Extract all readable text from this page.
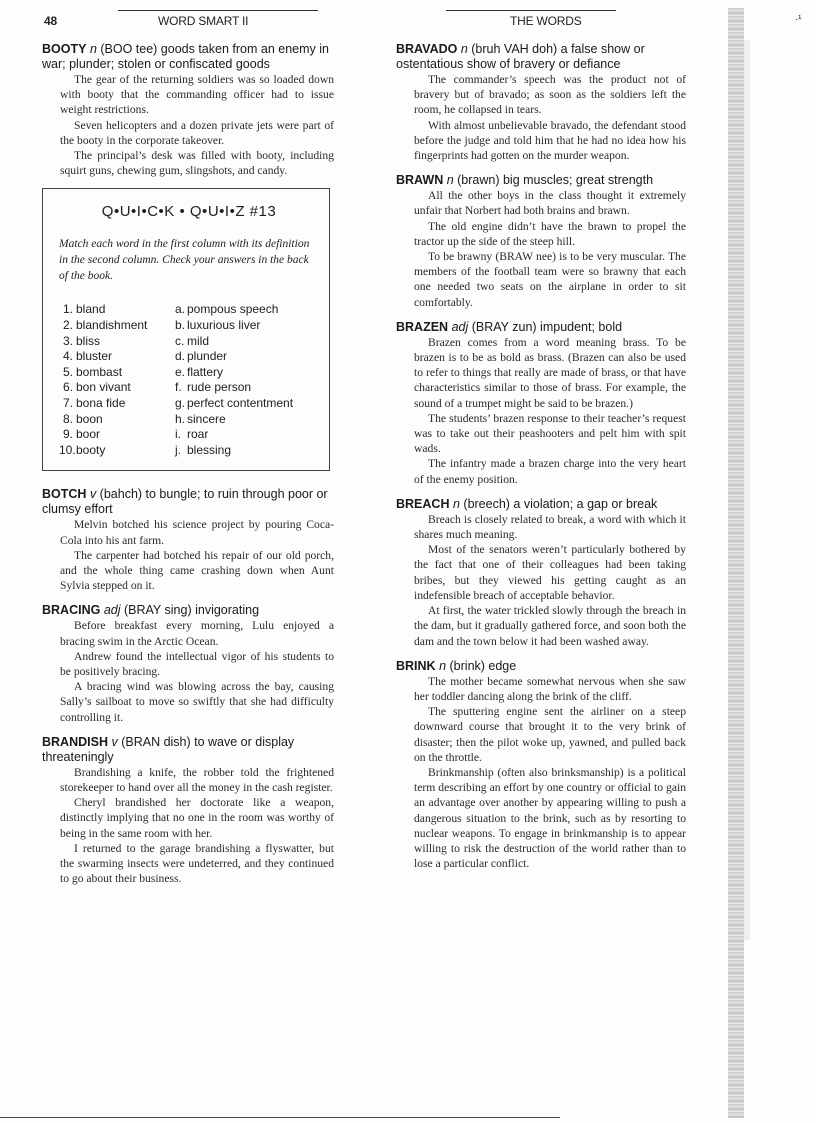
48	WORD SMART II	THE WORDS	·¹
BOOTY n (BOO tee) goods taken from an enemy in war; plunder; stolen or confiscated goods

The gear of the returning soldiers was so loaded down with booty that the commanding officer had to issue weight restrictions.

Seven helicopters and a dozen private jets were part of the booty in the corporate takeover.

The principal’s desk was filled with booty, including squirt guns, chewing gum, slingshots, and candy.

Q•U•I•C•K • Q•U•I•Z #13
Match each word in the first column with its definition in the second column. Check your answers in the back of the book.
1. bland	a. pompous speech
2. blandishment	b. luxurious liver
3. bliss	c. mild
4. bluster	d. plunder
5. bombast	e. flattery
6. bon vivant	f. rude person
7. bona fide	g. perfect contentment
8. boon	h. sincere
9. boor	i. roar
10. booty	j. blessing
BOTCH v (bahch) to bungle; to ruin through poor or clumsy effort

Melvin botched his science project by pouring Coca-Cola into his ant farm.

The carpenter had botched his repair of our old porch, and the whole thing came crashing down when Aunt Sylvia stepped on it.

BRACING adj (BRAY sing) invigorating

Before breakfast every morning, Lulu enjoyed a bracing swim in the Arctic Ocean.

Andrew found the intellectual vigor of his students to be positively bracing.

A bracing wind was blowing across the bay, causing Sally’s sailboat to move so swiftly that she had difficulty controlling it.

BRANDISH v (BRAN dish) to wave or display threateningly

Brandishing a knife, the robber told the frightened storekeeper to hand over all the money in the cash register.

Cheryl brandished her doctorate like a weapon, distinctly implying that no one in the room was worthy of being in the same room with her.

I returned to the garage brandishing a flyswatter, but the swarming insects were undeterred, and they continued to go about their business.

BRAVADO n (bruh VAH doh) a false show or ostentatious show of bravery or defiance

The commander’s speech was the product not of bravery but of bravado; as soon as the soldiers left the room, he collapsed in tears.

With almost unbelievable bravado, the defendant stood before the judge and told him that he had no idea how his fingerprints had gotten on the murder weapon.

BRAWN n (brawn) big muscles; great strength

All the other boys in the class thought it extremely unfair that Norbert had both brains and brawn.

The old engine didn’t have the brawn to propel the tractor up the side of the steep hill.

To be brawny (BRAW nee) is to be very muscular. The members of the football team were so brawny that each one needed two seats on the airplane in order to sit comfortably.

BRAZEN adj (BRAY zun) impudent; bold

Brazen comes from a word meaning brass. To be brazen is to be as bold as brass. (Brazen can also be used to refer to things that really are made of brass, or that have characteristics similar to those of brass. For example, the sound of a trumpet might be said to be brazen.)

The students’ brazen response to their teacher’s request was to take out their peashooters and pelt him with spit wads.

The infantry made a brazen charge into the very heart of the enemy position.

BREACH n (breech) a violation; a gap or break

Breach is closely related to break, a word with which it shares much meaning.

Most of the senators weren’t particularly bothered by the fact that one of their colleagues had been taking bribes, but they viewed his getting caught as an indefensible breach of acceptable behavior.

At first, the water trickled slowly through the breach in the dam, but it gradually gathered force, and soon both the dam and the town below it had been washed away.

BRINK n (brink) edge

The mother became somewhat nervous when she saw her toddler dancing along the brink of the cliff.

The sputtering engine sent the airliner on a steep downward course that brought it to the very brink of disaster; then the pilot woke up, yawned, and pulled back on the throttle.

Brinkmanship (often also brinksmanship) is a political term describing an effort by one country or official to gain an advantage over another by appearing willing to push a dangerous situation to the brink, such as by resorting to nuclear weapons. To engage in brinkmanship is to appear willing to risk the destruction of the world rather than to lose a particular conflict.
